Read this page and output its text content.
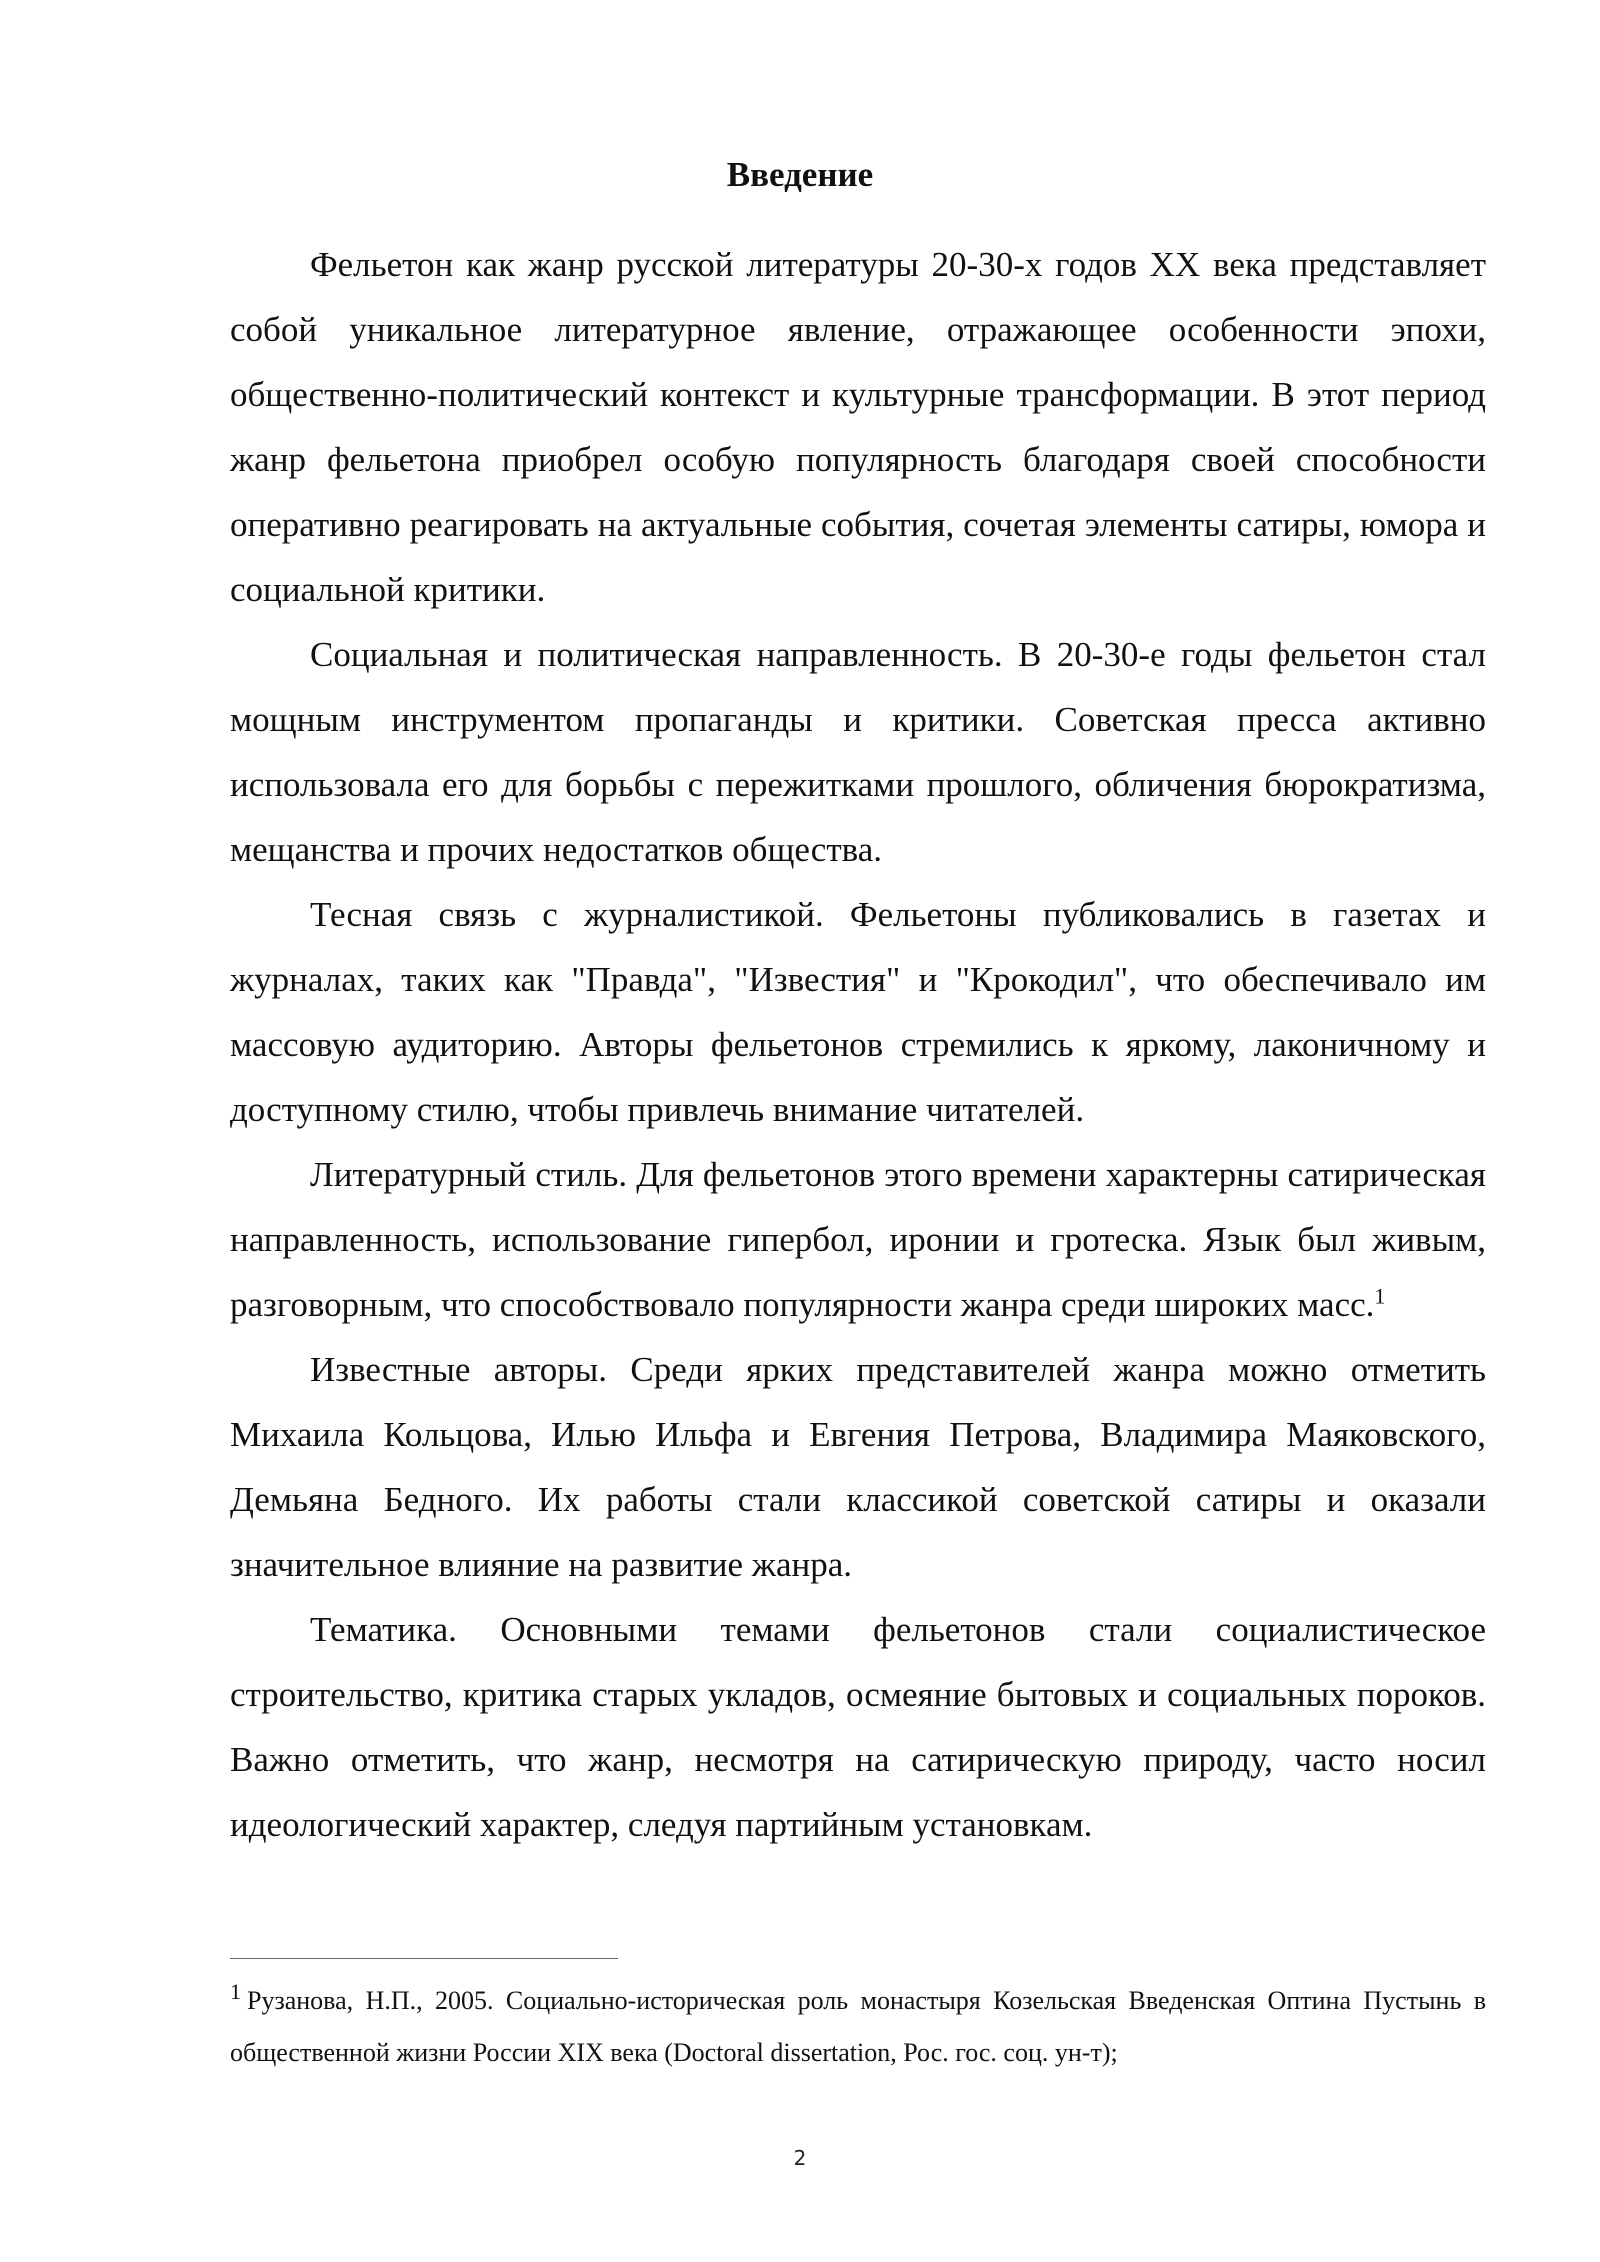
Введение

Фельетон как жанр русской литературы 20-30-х годов XX века представляет собой уникальное литературное явление, отражающее особенности эпохи, общественно-политический контекст и культурные трансформации. В этот период жанр фельетона приобрел особую популярность благодаря своей способности оперативно реагировать на актуальные события, сочетая элементы сатиры, юмора и социальной критики.

Социальная и политическая направленность. В 20-30-е годы фельетон стал мощным инструментом пропаганды и критики. Советская пресса активно использовала его для борьбы с пережитками прошлого, обличения бюрократизма, мещанства и прочих недостатков общества.

Тесная связь с журналистикой. Фельетоны публиковались в газетах и журналах, таких как "Правда", "Известия" и "Крокодил", что обеспечивало им массовую аудиторию. Авторы фельетонов стремились к яркому, лаконичному и доступному стилю, чтобы привлечь внимание читателей.

Литературный стиль. Для фельетонов этого времени характерны сатирическая направленность, использование гипербол, иронии и гротеска. Язык был живым, разговорным, что способствовало популярности жанра среди широких масс.$^1$

Известные авторы. Среди ярких представителей жанра можно отметить Михаила Кольцова, Илью Ильфа и Евгения Петрова, Владимира Маяковского, Демьяна Бедного. Их работы стали классикой советской сатиры и оказали значительное влияние на развитие жанра.

Тематика. Основными темами фельетонов стали социалистическое строительство, критика старых укладов, осмеяние бытовых и социальных пороков. Важно отметить, что жанр, несмотря на сатирическую природу, часто носил идеологический характер, следуя партийным установкам.

$^1$ Рузанова, Н.П., 2005. Социально-историческая роль монастыря Козельская Введенская Оптина Пустынь в общественной жизни России XIX века (Doctoral dissertation, Рос. гос. соц. ун-т);

2
